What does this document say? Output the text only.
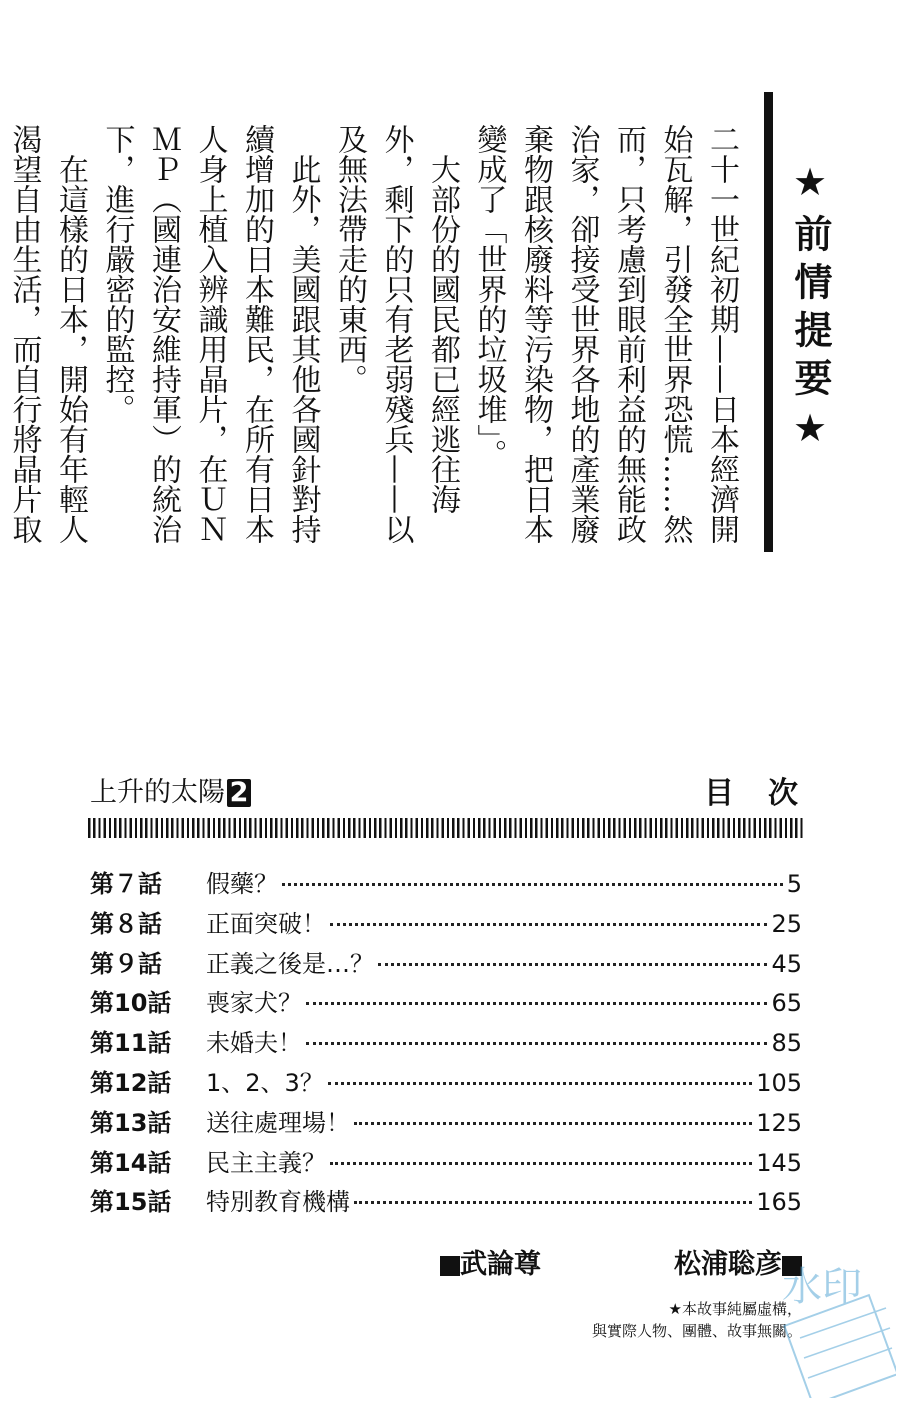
★前情提要★

二十一世紀初期——日本經濟開始瓦解，引發全世界恐慌……然而，只考慮到眼前利益的無能政治家，卻接受世界各地的產業廢棄物跟核廢料等污染物，把日本變成了「世界的垃圾堆」。

大部份的國民都已經逃往海外，剩下的只有老弱殘兵——以及無法帶走的東西。

此外，美國跟其他各國針對持續增加的日本難民，在所有日本人身上植入辨識用晶片，在ＵＮＭＰ（國連治安維持軍）的統治下，進行嚴密的監控。

在這樣的日本，開始有年輕人渴望自由生活，而自行將晶片取

上升的太陽 2	目次
第７話	假藥？	5
第８話	正面突破！	25
第９話	正義之後是…？	45
第10話	喪家犬？	65
第11話	未婚夫！	85
第12話	1、2、3？	105
第13話	送往處理場！	125
第14話	民主主義？	145
第15話	特別教育機構	165
武論尊	松浦聡彦
★本故事純屬虛構，
與實際人物、團體、故事無關。
水印
